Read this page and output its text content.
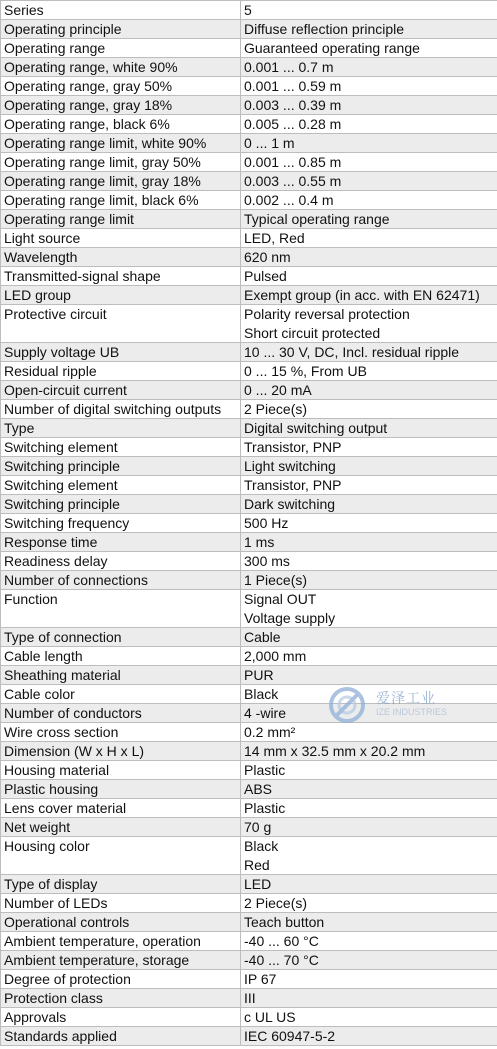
Series	5

Operating principle	Diffuse reflection principle

Operating range	Guaranteed operating range

Operating range, white 90%	0.001 ... 0.7 m

Operating range, gray 50%	0.001 ... 0.59 m

Operating range, gray 18%	0.003 ... 0.39 m

Operating range, black 6%	0.005 ... 0.28 m

Operating range limit, white 90%	0 ... 1 m

Operating range limit, gray 50%	0.001 ... 0.85 m

Operating range limit, gray 18%	0.003 ... 0.55 m

Operating range limit, black 6%	0.002 ... 0.4 m

Operating range limit	Typical operating range

Light source	LED, Red

Wavelength	620 nm

Transmitted-signal shape	Pulsed

LED group	Exempt group (in acc. with EN 62471)

Protective circuit	Polarity reversal protection
Short circuit protected

Supply voltage UB	10 ... 30 V, DC, Incl. residual ripple

Residual ripple	0 ... 15 %, From UB

Open-circuit current	0 ... 20 mA

Number of digital switching outputs	2 Piece(s)

Type	Digital switching output

Switching element	Transistor, PNP

Switching principle	Light switching

Switching element	Transistor, PNP

Switching principle	Dark switching

Switching frequency	500 Hz

Response time	1 ms

Readiness delay	300 ms

Number of connections	1 Piece(s)

Function	Signal OUT
Voltage supply

Type of connection	Cable

Cable length	2,000 mm

Sheathing material	PUR

Cable color	Black

Number of conductors	4 -wire

Wire cross section	0.2 mm²

Dimension (W x H x L)	14 mm x 32.5 mm x 20.2 mm

Housing material	Plastic

Plastic housing	ABS

Lens cover material	Plastic

Net weight	70 g

Housing color	Black
Red

Type of display	LED

Number of LEDs	2 Piece(s)

Operational controls	Teach button

Ambient temperature, operation	-40 ... 60 °C

Ambient temperature, storage	-40 ... 70 °C

Degree of protection	IP 67

Protection class	III

Approvals	c UL US

Standards applied	IEC 60947-5-2
爱泽工业
IZE INDUSTRIES
